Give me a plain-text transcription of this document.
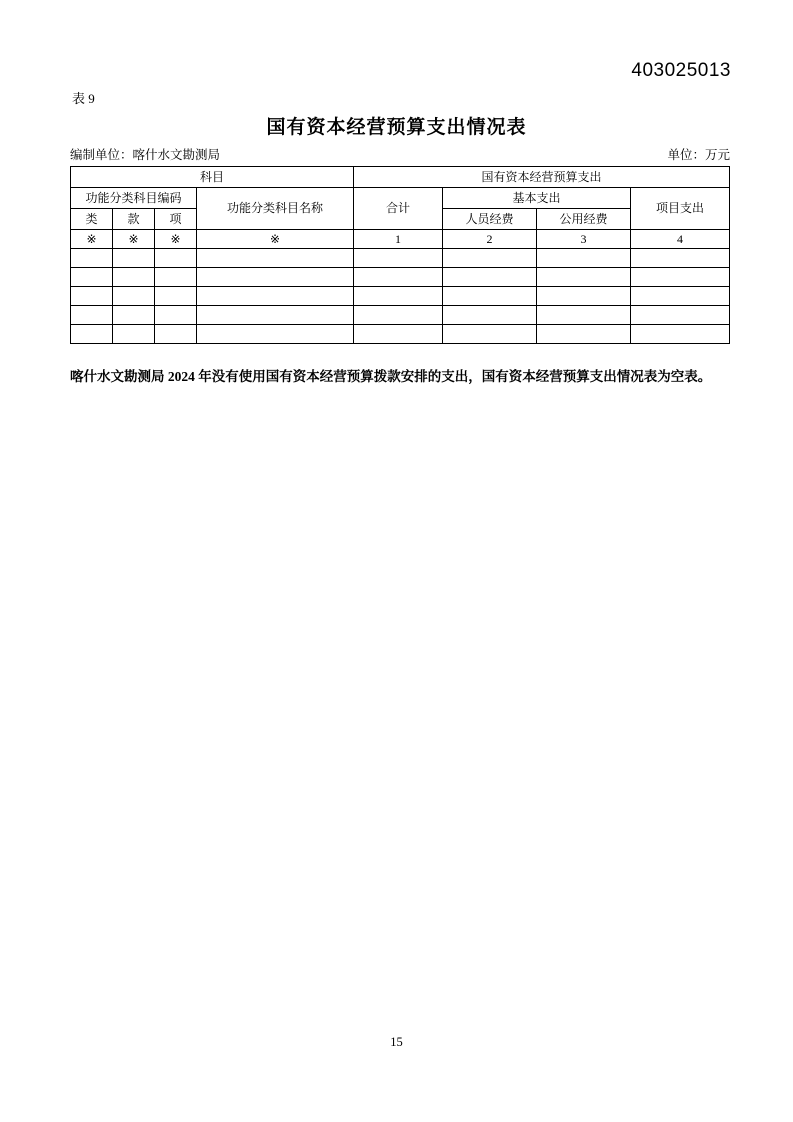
403025013
表 9
国有资本经营预算支出情况表
编制单位：喀什水文勘测局	单位：万元
科目				国有资本经营预算支出			
功能分类科目编码			功能分类科目名称	合计	基本支出		项目支出
类	款	项			人员经费	公用经费	
※	※	※	※	1	2	3	4

喀什水文勘测局 2024 年没有使用国有资本经营预算拨款安排的支出，国有资本经营预算支出情况表为空表。

15
